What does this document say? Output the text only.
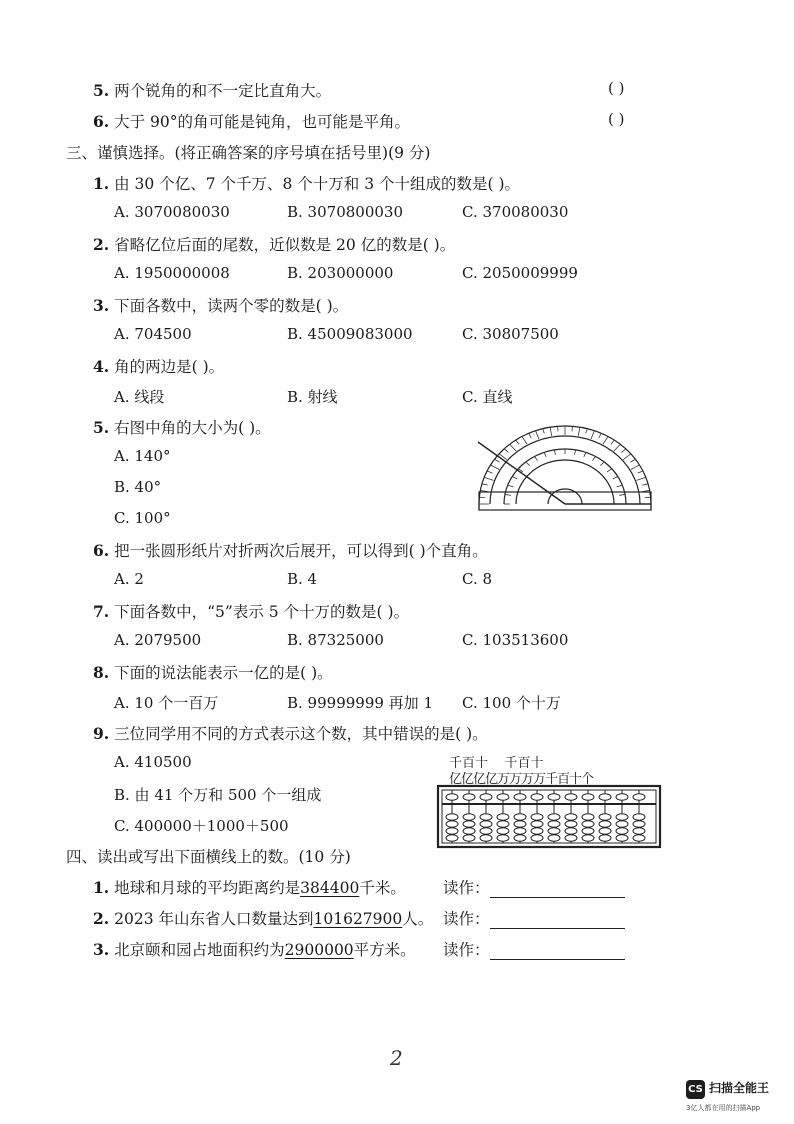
5. 两个锐角的和不一定比直角大。	( )
6. 大于 90°的角可能是钝角，也可能是平角。	( )
三、谨慎选择。(将正确答案的序号填在括号里)(9 分)
1. 由 30 个亿、7 个千万、8 个十万和 3 个十组成的数是( )。
A. 3070080030	B. 3070800030	C. 370080030
2. 省略亿位后面的尾数，近似数是 20 亿的数是( )。
A. 1950000008	B. 203000000	C. 2050009999
3. 下面各数中，读两个零的数是( )。
A. 704500	B. 45009083000	C. 30807500
4. 角的两边是( )。
A. 线段	B. 射线	C. 直线
5. 右图中角的大小为( )。
A. 140°
B. 40°
C. 100°
6. 把一张圆形纸片对折两次后展开，可以得到( )个直角。
A. 2	B. 4	C. 8
7. 下面各数中，“5”表示 5 个十万的数是( )。
A. 2079500	B. 87325000	C. 103513600
8. 下面的说法能表示一亿的是( )。
A. 10 个一百万	B. 99999999 再加 1 C. 100 个十万
9. 三位同学用不同的方式表示这个数，其中错误的是( )。
A. 410500
B. 由 41 个万和 500 个一组成
C. 400000＋1000＋500
千百十    千百十
亿亿亿亿万万万万千百十个
四、读出或写出下面横线上的数。(10 分)
1. 地球和月球的平均距离约是384400千米。 读作：
2. 2023 年山东省人口数量达到101627900人。 读作：
3. 北京颐和园占地面积约为2900000平方米。 读作：
2
CS 扫描全能王
3亿人都在用的扫描App
